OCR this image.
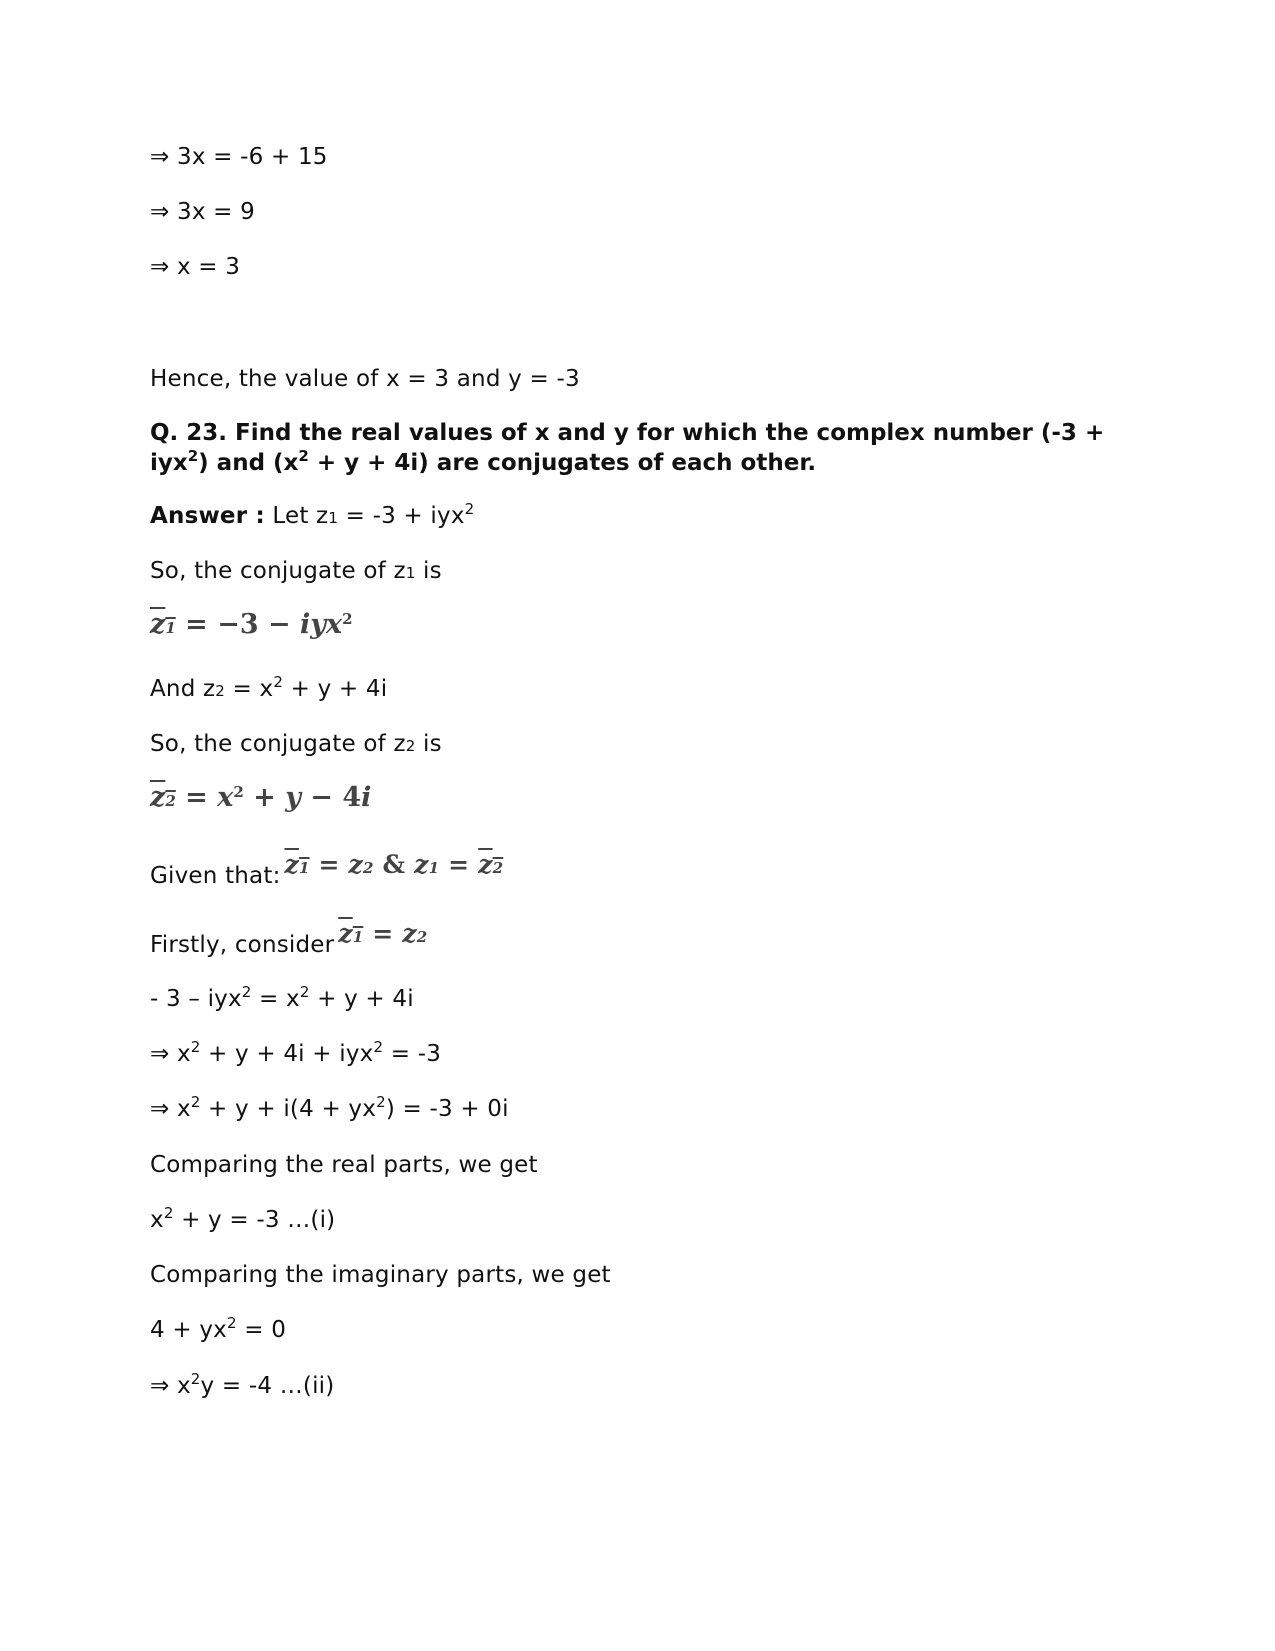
⇒ 3x = -6 + 15
⇒ 3x = 9
⇒ x = 3
Hence, the value of x = 3 and y = -3
Q. 23. Find the real values of x and y for which the complex number (-3 + iyx$^2$) and $(x^2 + y + 4i)$ are conjugates of each other.
Answer : Let z1 = -3 + iyx$^2$
So, the conjugate of z1 is
z1 = −3 − iyx$^2$
And $z2 = x^2 + y + 4i$
So, the conjugate of z2 is
$z2 = x^2 + y - 4i$
Given that: z1 = z2 & z1 = z2
Firstly, consider z1 = z2
- $3 - iyx^2 = x^2 + y + 4i$
⇒ $x^2 + y + 4i + iyx^2 = -3$
⇒ $x^2 + y + i(4 + yx^2) = -3 + 0i$
Comparing the real parts, we get
$x^2 + y = -3$ …(i)
Comparing the imaginary parts, we get
$4 + yx^2 = 0$
⇒ $x^2y = -4$ …(ii)
